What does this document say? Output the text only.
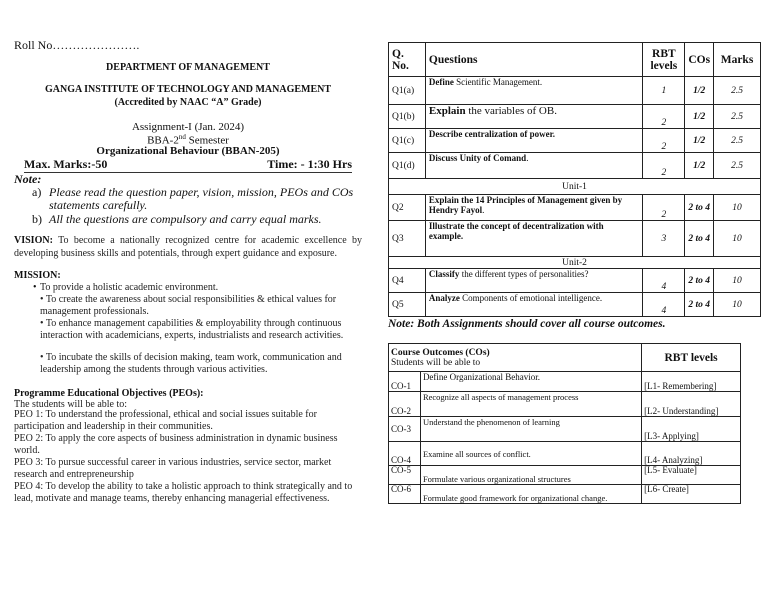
Roll No………………….
DEPARTMENT OF MANAGEMENT
GANGA INSTITUTE OF TECHNOLOGY AND MANAGEMENT
(Accredited by NAAC “A” Grade)
Assignment-I (Jan. 2024)
BBA-2nd Semester
Organizational Behaviour (BBAN-205)
Max. Marks:-50	Time: - 1:30 Hrs
Note:
a) Please read the question paper, vision, mission, PEOs and COs statements carefully.
b) All the questions are compulsory and carry equal marks.
VISION: To become a nationally recognized centre for academic excellence by developing business skills and potentials, through expert guidance and exposure.
MISSION:
• To provide a holistic academic environment.
• To create the awareness about social responsibilities & ethical values for management professionals.
• To enhance management capabilities & employability through continuous interaction with academicians, experts, industrialists and research activities.
• To incubate the skills of decision making, team work, communication and leadership among the students through various activities.
Programme Educational Objectives (PEOs):
The students will be able to:
PEO 1: To understand the professional, ethical and social issues suitable for participation and leadership in their communities.
PEO 2: To apply the core aspects of business administration in dynamic business world.
PEO 3: To pursue successful career in various industries, service sector, market research and entrepreneurship
PEO 4: To develop the ability to take a holistic approach to think strategically and to lead, motivate and manage teams, thereby enhancing managerial effectiveness.
Q. No.	Questions	RBT levels	COs	Marks
Q1(a)	Define Scientific Management.	1	1/2	2.5
Q1(b)	Explain the variables of OB.	2	1/2	2.5
Q1(c)	Describe centralization of power.	2	1/2	2.5
Q1(d)	Discuss Unity of Comand.	2	1/2	2.5
Unit-1				
Q2	Explain the 14 Principles of Management given by Hendry Fayol.	2	2 to 4	10
Q3	Illustrate the concept of decentralization with example.	3	2 to 4	10
Unit-2				
Q4	Classify the different types of personalities?	4	2 to 4	10
Q5	Analyze Components of emotional intelligence.	4	2 to 4	10
Note: Both Assignments should cover all course outcomes.
Course Outcomes (COs)
Students will be able to		RBT levels
CO-1	Define Organizational Behavior.	[L1- Remembering]
CO-2	Recognize all aspects of management process	[L2- Understanding]
CO-3	Understand the phenomenon of learning	[L3- Applying]
CO-4	Examine all sources of conflict.	[L4- Analyzing]
CO-5	Formulate various organizational structures	[L5- Evaluate]
CO-6	Formulate good framework for organizational change.	[L6- Create]
